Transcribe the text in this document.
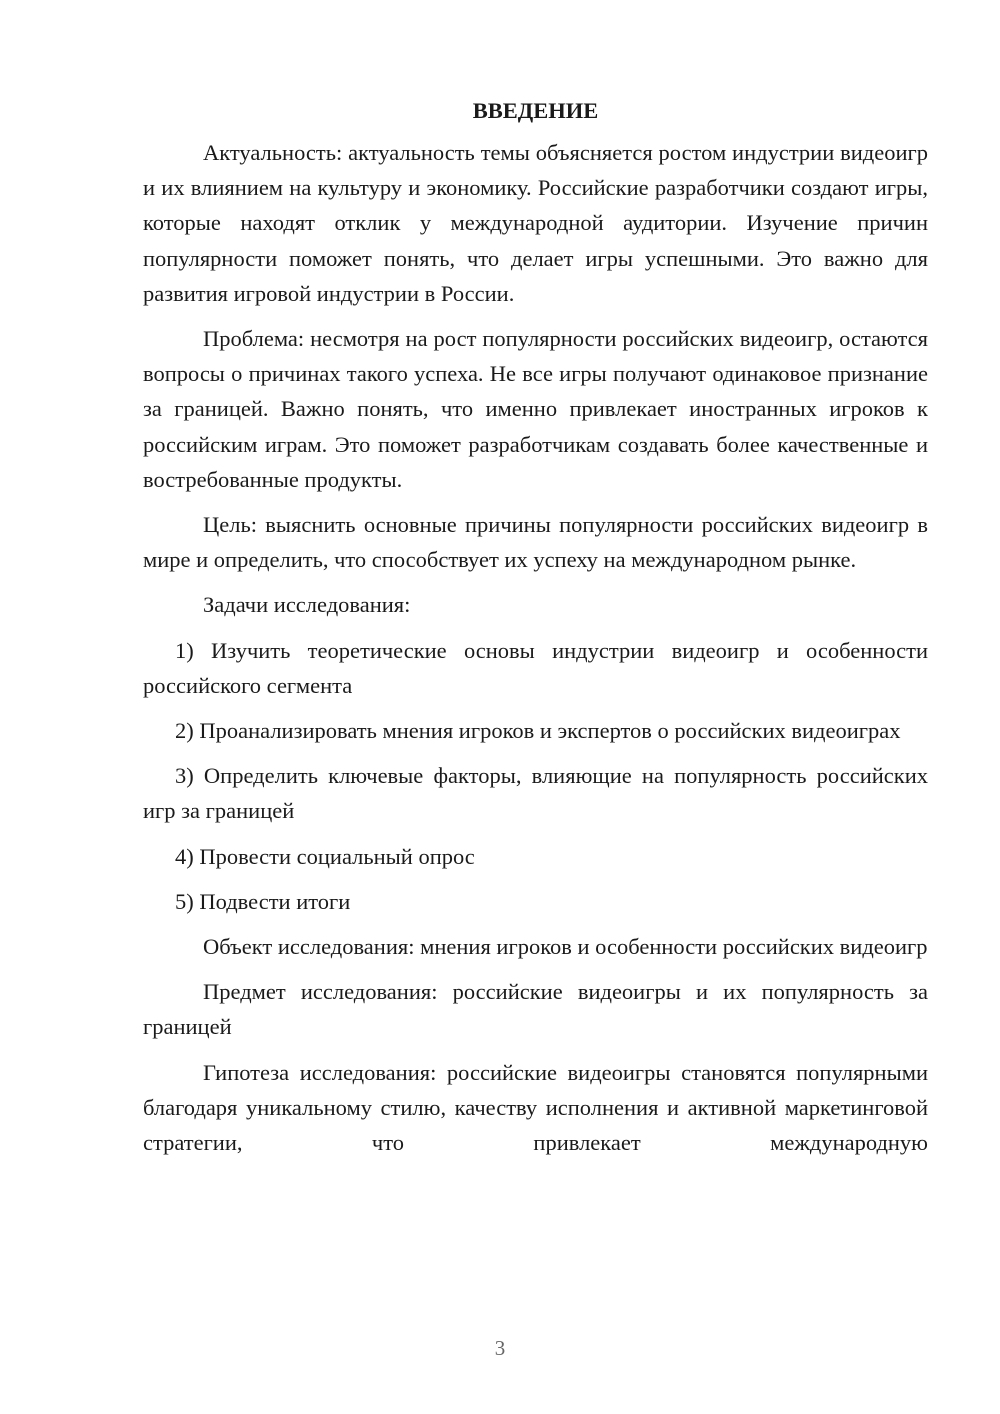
ВВЕДЕНИЕ

Актуальность: актуальность темы объясняется ростом индустрии видеоигр и их влиянием на культуру и экономику. Российские разработчики создают игры, которые находят отклик у международной аудитории. Изучение причин популярности поможет понять, что делает игры успешными. Это важно для развития игровой индустрии в России.

Проблема: несмотря на рост популярности российских видеоигр, остаются вопросы о причинах такого успеха. Не все игры получают одинаковое признание за границей. Важно понять, что именно привлекает иностранных игроков к российским играм. Это поможет разработчикам создавать более качественные и востребованные продукты.

Цель: выяснить основные причины популярности российских видеоигр в мире и определить, что способствует их успеху на международном рынке.

Задачи исследования:

1) Изучить теоретические основы индустрии видеоигр и особенности российского сегмента

2) Проанализировать мнения игроков и экспертов о российских видеоиграх

3) Определить ключевые факторы, влияющие на популярность российских игр за границей

4) Провести социальный опрос

5) Подвести итоги

Объект исследования: мнения игроков и особенности российских видеоигр

Предмет исследования: российские видеоигры и их популярность за границей

Гипотеза исследования: российские видеоигры становятся популярными благодаря уникальному стилю, качеству исполнения и активной маркетинговой стратегии, что привлекает международную

3
